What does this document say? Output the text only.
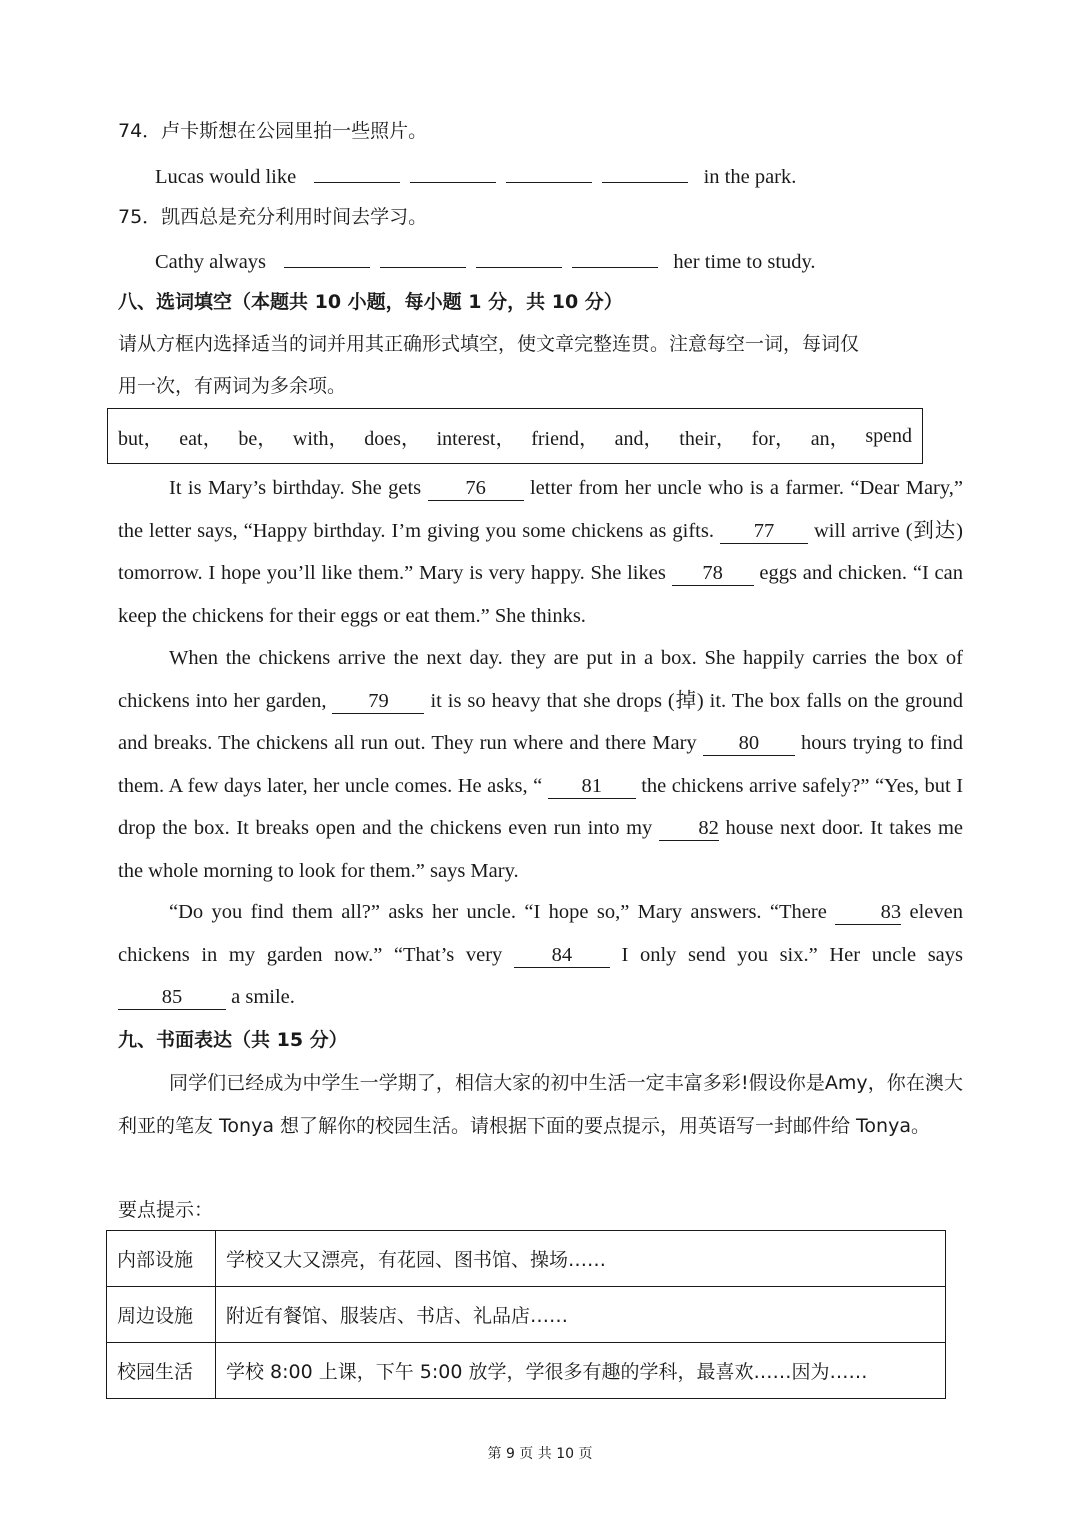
74．卢卡斯想在公园里拍一些照片。
Lucas would like	in the park.
75．凯西总是充分利用时间去学习。
Cathy always	her time to study.
八、选词填空（本题共 10 小题，每小题 1 分，共 10 分）
请从方框内选择适当的词并用其正确形式填空，使文章完整连贯。注意每空一词，每词仅
用一次，有两词为多余项。
but， eat， be， with， does， interest， friend， and， their， for， an， spend
It is Mary’s birthday. She gets 76 letter from her uncle who is a farmer. “Dear Mary,” the letter says, “Happy birthday. I’m giving you some chickens as gifts. 77 will arrive (到达) tomorrow. I hope you’ll like them.” Mary is very happy. She likes 78 eggs and chicken. “I can keep the chickens for their eggs or eat them.” She thinks.
When the chickens arrive the next day. they are put in a box. She happily carries the box of chickens into her garden, 79 it is so heavy that she drops (掉) it. The box falls on the ground and breaks. The chickens all run out. They run where and there Mary 80 hours trying to find them. A few days later, her uncle comes. He asks, “ 81 the chickens arrive safely?” “Yes, but I drop the box. It breaks open and the chickens even run into my 82 house next door. It takes me the whole morning to look for them.” says Mary.
“Do you find them all?” asks her uncle. “I hope so,” Mary answers. “There	83 eleven chickens in my garden now.” “That’s very 84 I only send you six.” Her uncle says 85 a smile.
九、书面表达（共 15 分）
同学们已经成为中学生一学期了，相信大家的初中生活一定丰富多彩!假设你是Amy，你在澳大利亚的笔友 Tonya 想了解你的校园生活。请根据下面的要点提示，用英语写一封邮件给 Tonya。
要点提示：
内部设施	学校又大又漂亮，有花园、图书馆、操场……
周边设施	附近有餐馆、服装店、书店、礼品店……
校园生活	学校 8:00 上课，下午 5:00 放学，学很多有趣的学科，最喜欢……因为……
第 9 页 共 10 页
